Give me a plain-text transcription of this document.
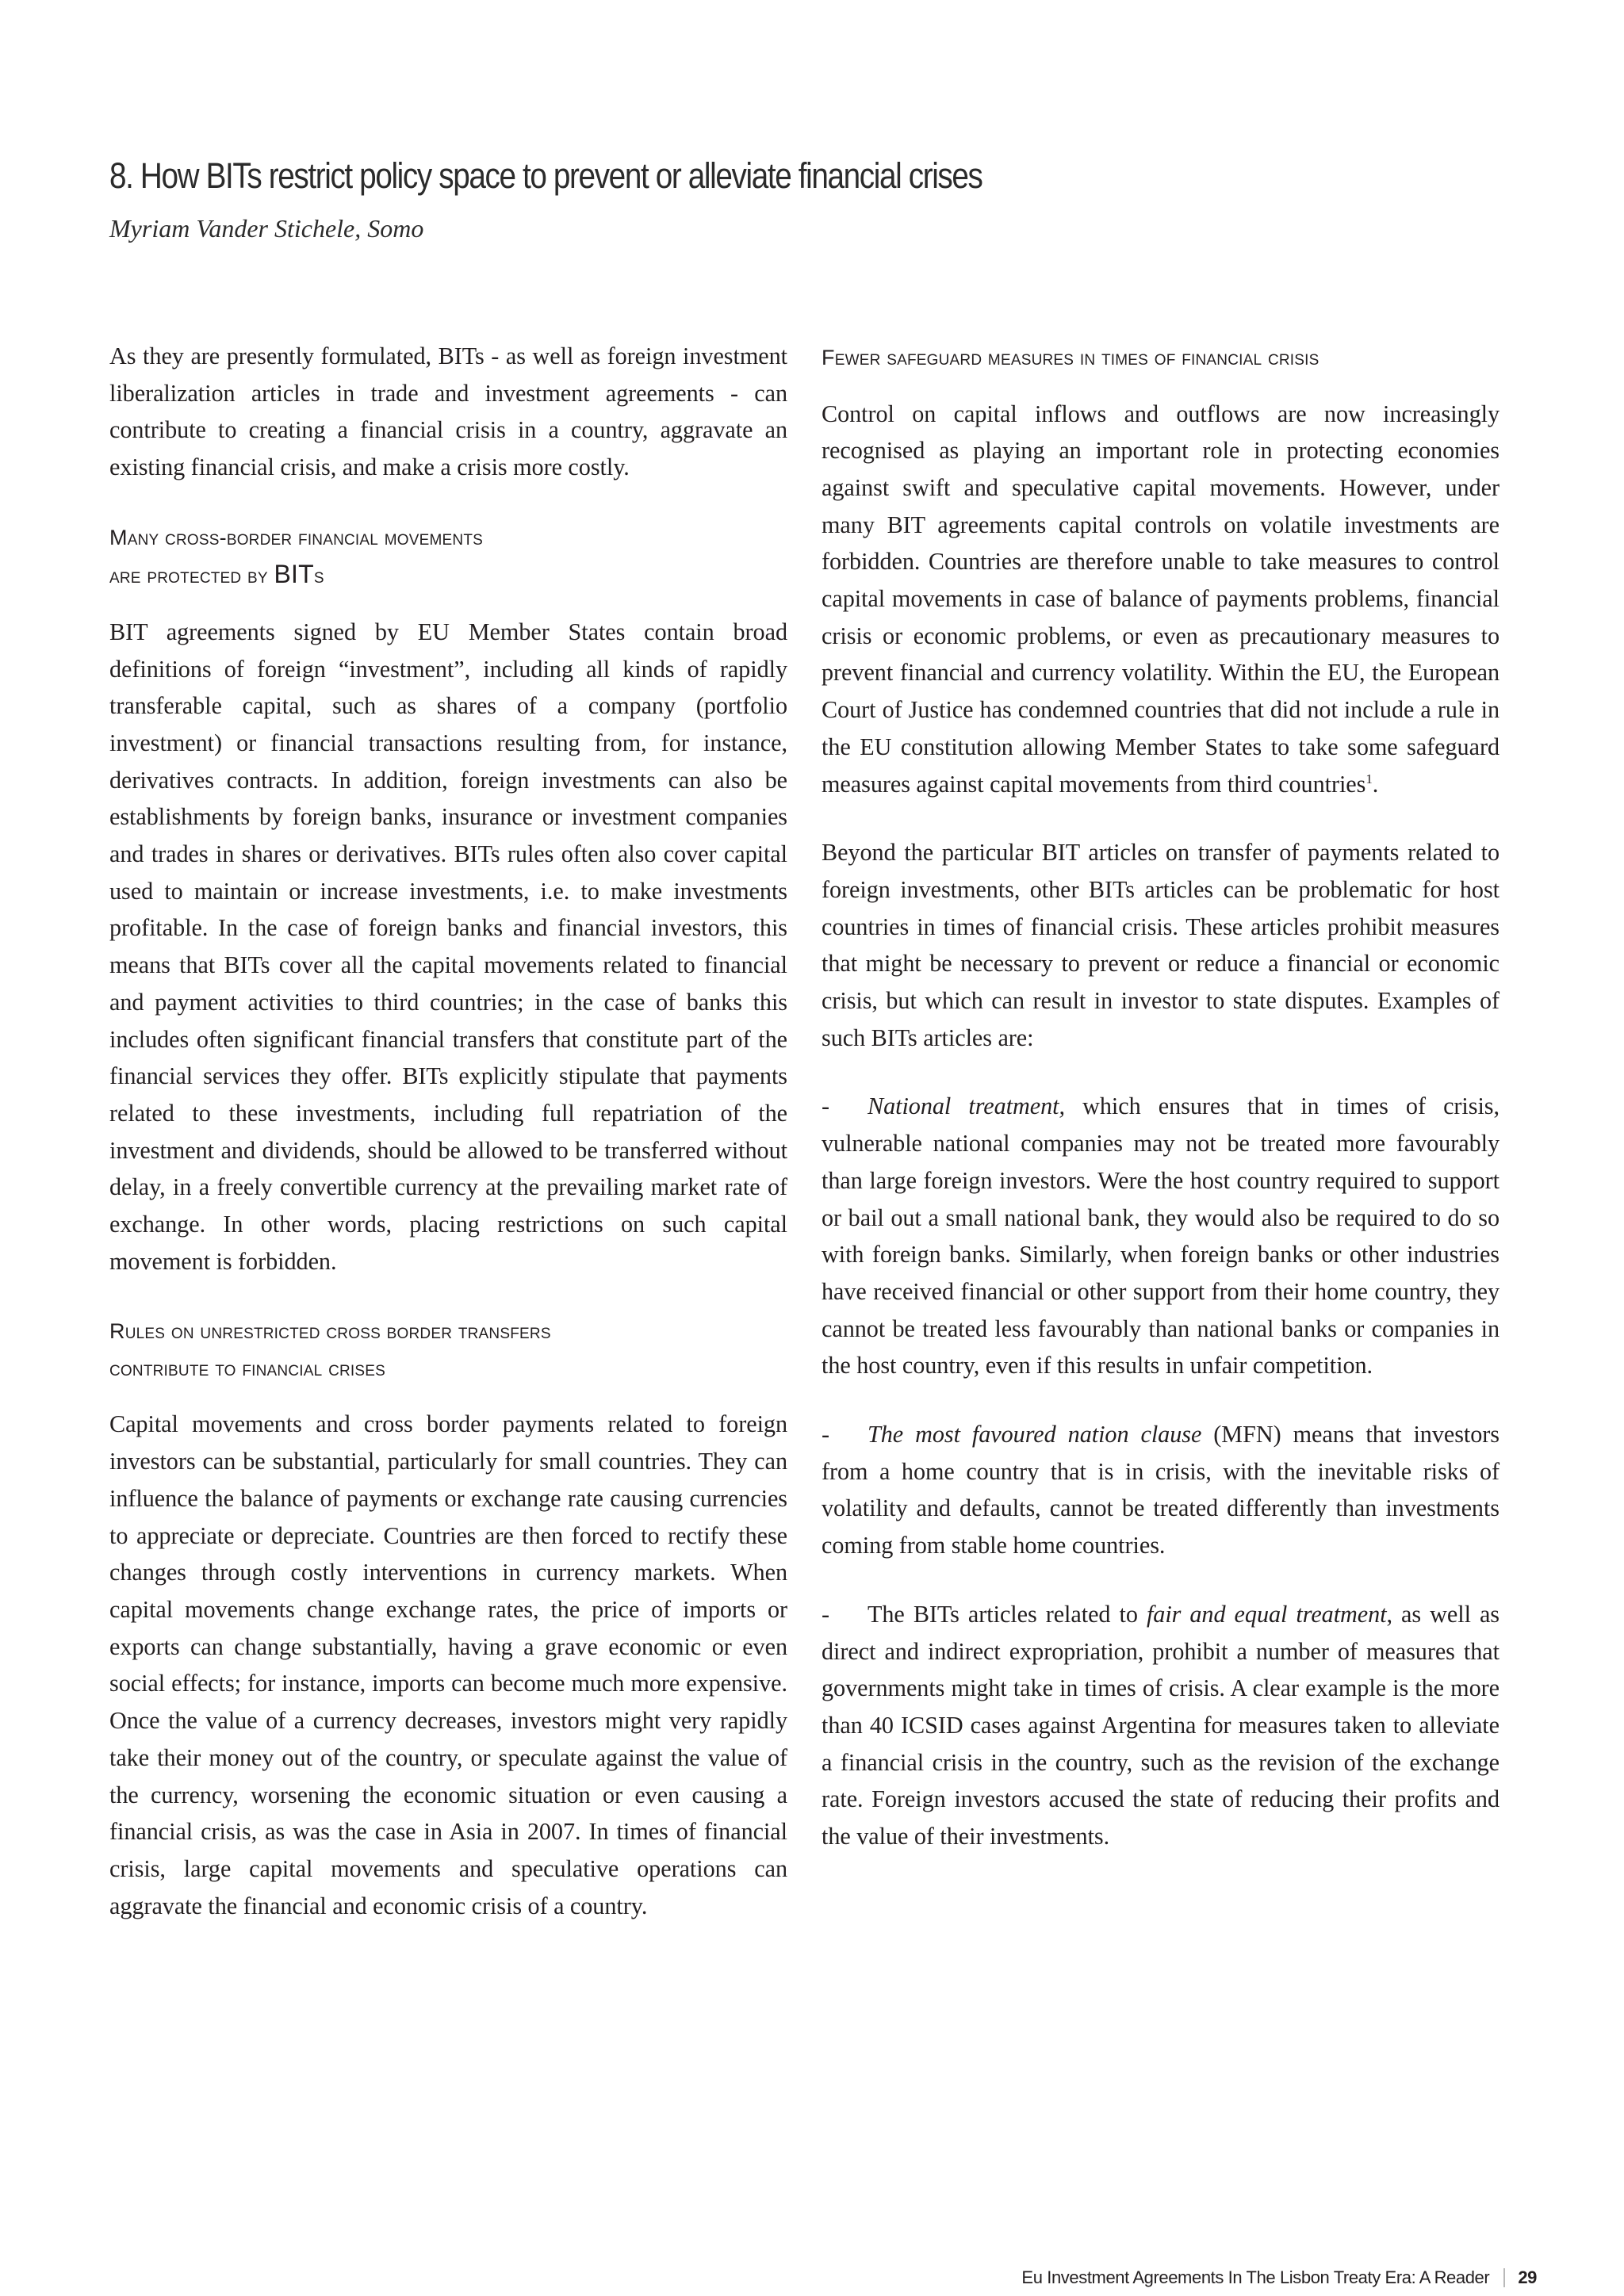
8. How BITs restrict policy space to prevent or alleviate financial crises
Myriam Vander Stichele, Somo

As they are presently formulated, BITs - as well as foreign investment liberalization articles in trade and investment agreements - can contribute to creating a financial crisis in a country, aggravate an existing financial crisis, and make a crisis more costly.

Many cross-border financial movements
are protected by BITs

BIT agreements signed by EU Member States contain broad definitions of foreign “investment”, including all kinds of rapidly transferable capital, such as shares of a company (portfolio investment) or financial transactions resulting from, for instance, derivatives contracts. In addition, foreign investments can also be establishments by foreign banks, insurance or investment companies and trades in shares or derivatives. BITs rules often also cover capital used to maintain or increase investments, i.e. to make investments profitable. In the case of foreign banks and financial investors, this means that BITs cover all the capital movements related to financial and payment activities to third countries; in the case of banks this includes often significant financial transfers that constitute part of the financial services they offer. BITs explicitly stipulate that payments related to these investments, including full repatriation of the investment and dividends, should be allowed to be transferred without delay, in a freely convertible currency at the prevailing market rate of exchange. In other words, placing restrictions on such capital movement is forbidden.

Rules on unrestricted cross border transfers
contribute to financial crises

Capital movements and cross border payments related to foreign investors can be substantial, particularly for small countries. They can influence the balance of payments or exchange rate causing currencies to appreciate or depreciate. Countries are then forced to rectify these changes through costly interventions in currency markets. When capital movements change exchange rates, the price of imports or exports can change substantially, having a grave economic or even social effects; for instance, imports can become much more expensive. Once the value of a currency decreases, investors might very rapidly take their money out of the country, or speculate against the value of the currency, worsening the economic situation or even causing a financial crisis, as was the case in Asia in 2007. In times of financial crisis, large capital movements and speculative operations can aggravate the financial and economic crisis of a country.

Fewer safeguard measures in times of financial crisis

Control on capital inflows and outflows are now increasingly recognised as playing an important role in protecting economies against swift and speculative capital movements. However, under many BIT agreements capital controls on volatile investments are forbidden. Countries are therefore unable to take measures to control capital movements in case of balance of payments problems, financial crisis or economic problems, or even as precautionary measures to prevent financial and currency volatility. Within the EU, the European Court of Justice has condemned countries that did not include a rule in the EU constitution allowing Member States to take some safeguard measures against capital movements from third countries$^1$.

Beyond the particular BIT articles on transfer of payments related to foreign investments, other BITs articles can be problematic for host countries in times of financial crisis. These articles prohibit measures that might be necessary to prevent or reduce a financial or economic crisis, but which can result in investor to state disputes. Examples of such BITs articles are:

- National treatment, which ensures that in times of crisis, vulnerable national companies may not be treated more favourably than large foreign investors. Were the host country required to support or bail out a small national bank, they would also be required to do so with foreign banks. Similarly, when foreign banks or other industries have received financial or other support from their home country, they cannot be treated less favourably than national banks or companies in the host country, even if this results in unfair competition.

- The most favoured nation clause (MFN) means that investors from a home country that is in crisis, with the inevitable risks of volatility and defaults, cannot be treated differently than investments coming from stable home countries.

- The BITs articles related to fair and equal treatment, as well as direct and indirect expropriation, prohibit a number of measures that governments might take in times of crisis. A clear example is the more than 40 ICSID cases against Argentina for measures taken to alleviate a financial crisis in the country, such as the revision of the exchange rate. Foreign investors accused the state of reducing their profits and the value of their investments.

Eu Investment Agreements In The Lisbon Treaty Era: A Reader 29
